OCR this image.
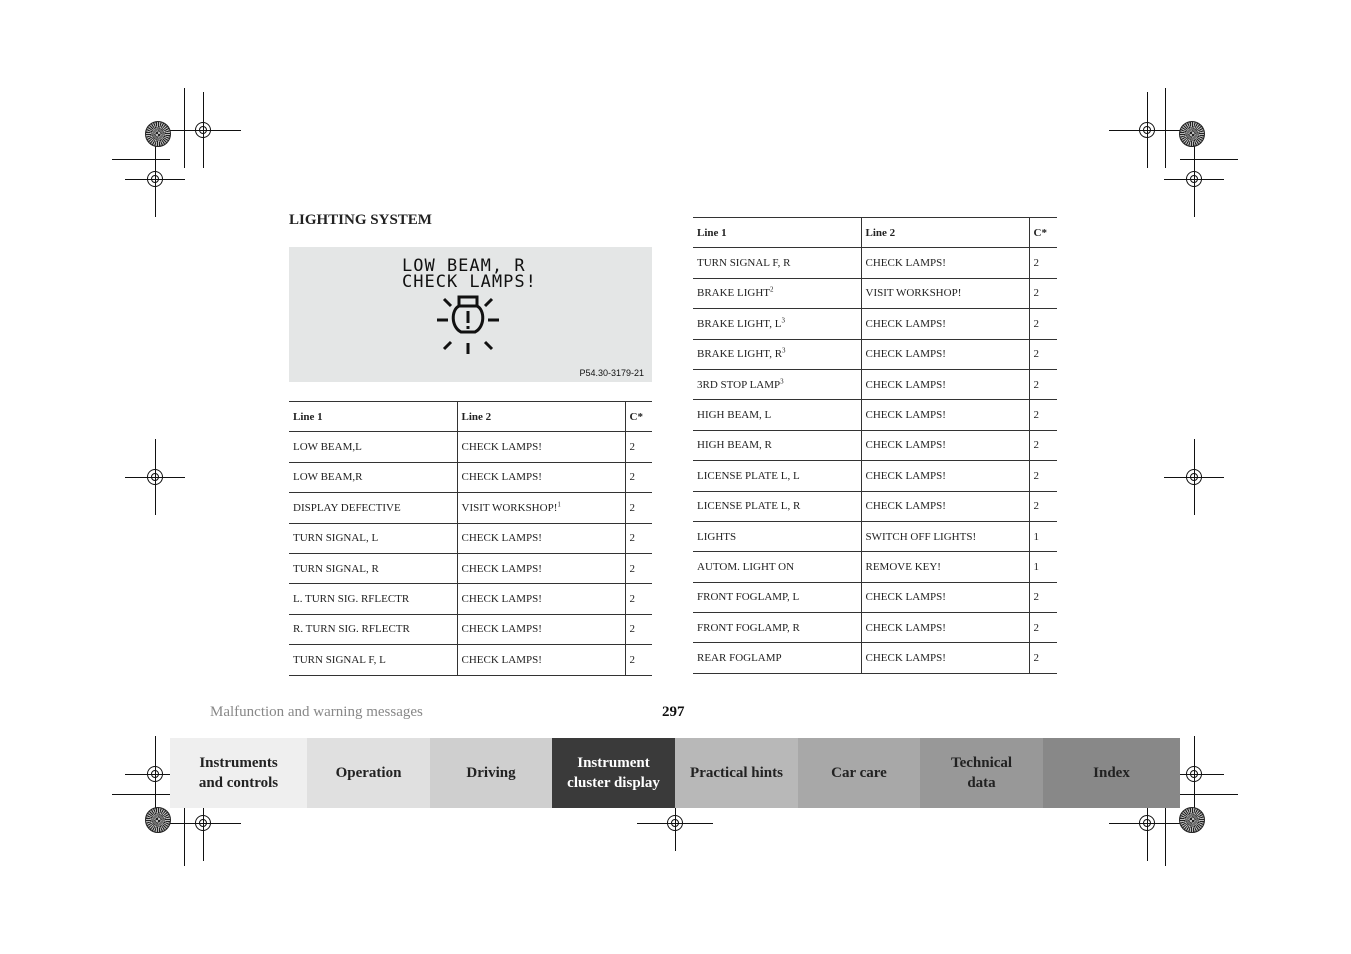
LIGHTING SYSTEM
LOW BEAM, R
CHECK LAMPS!
P54.30-3179-21
Line 1	Line 2	C*
LOW BEAM,L	CHECK LAMPS!	2
LOW BEAM,R	CHECK LAMPS!	2
DISPLAY DEFECTIVE	VISIT WORKSHOP!$^1$	2
TURN SIGNAL, L	CHECK LAMPS!	2
TURN SIGNAL, R	CHECK LAMPS!	2
L. TURN SIG. RFLECTR	CHECK LAMPS!	2
R. TURN SIG. RFLECTR	CHECK LAMPS!	2
TURN SIGNAL F, L	CHECK LAMPS!	2
Line 1	Line 2	C*
TURN SIGNAL F, R	CHECK LAMPS!	2
BRAKE LIGHT$^2$	VISIT WORKSHOP!	2
BRAKE LIGHT, $L^3$	CHECK LAMPS!	2
BRAKE LIGHT, $R^3$	CHECK LAMPS!	2
3RD STOP LAMP$^3$	CHECK LAMPS!	2
HIGH BEAM, L	CHECK LAMPS!	2
HIGH BEAM, R	CHECK LAMPS!	2
LICENSE PLATE L, L	CHECK LAMPS!	2
LICENSE PLATE L, R	CHECK LAMPS!	2
LIGHTS	SWITCH OFF LIGHTS!	1
AUTOM. LIGHT ON	REMOVE KEY!	1
FRONT FOGLAMP, L	CHECK LAMPS!	2
FRONT FOGLAMP, R	CHECK LAMPS!	2
REAR FOGLAMP	CHECK LAMPS!	2
Malfunction and warning messages	297
Instruments
and controls
Operation	Driving
Instrument
cluster display
Practical hints	Car care
Technical
data
Index
